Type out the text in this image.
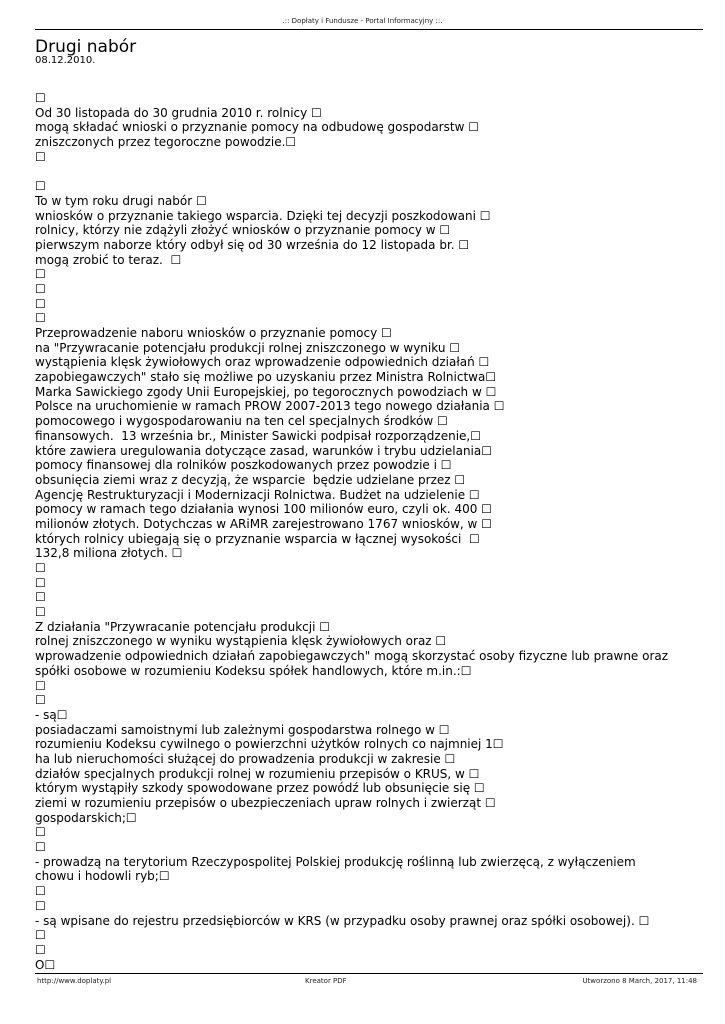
.:: Dopłaty i Fundusze - Portal Informacyjny ::.
Drugi nabór
08.12.2010.
☐
Od 30 listopada do 30 grudnia 2010 r. rolnicy ☐
mogą składać wnioski o przyznanie pomocy na odbudowę gospodarstw ☐
zniszczonych przez tegoroczne powodzie.☐
☐
☐
To w tym roku drugi nabór ☐
wniosków o przyznanie takiego wsparcia. Dzięki tej decyzji poszkodowani ☐
rolnicy, którzy nie zdążyli złożyć wniosków o przyznanie pomocy w ☐
pierwszym naborze który odbył się od 30 września do 12 listopada br. ☐
mogą zrobić to teraz.  ☐
☐
☐
☐
☐
Przeprowadzenie naboru wniosków o przyznanie pomocy ☐
na "Przywracanie potencjału produkcji rolnej zniszczonego w wyniku ☐
wystąpienia klęsk żywiołowych oraz wprowadzenie odpowiednich działań ☐
zapobiegawczych" stało się możliwe po uzyskaniu przez Ministra Rolnictwa☐
Marka Sawickiego zgody Unii Europejskiej, po tegorocznych powodziach w ☐
Polsce na uruchomienie w ramach PROW 2007-2013 tego nowego działania ☐
pomocowego i wygospodarowaniu na ten cel specjalnych środków ☐
finansowych.  13 września br., Minister Sawicki podpisał rozporządzenie,☐
które zawiera uregulowania dotyczące zasad, warunków i trybu udzielania☐
pomocy finansowej dla rolników poszkodowanych przez powodzie i ☐
obsunięcia ziemi wraz z decyzją, że wsparcie  będzie udzielane przez ☐
Agencję Restrukturyzacji i Modernizacji Rolnictwa. Budżet na udzielenie ☐
pomocy w ramach tego działania wynosi 100 milionów euro, czyli ok. 400 ☐
milionów złotych. Dotychczas w ARiMR zarejestrowano 1767 wniosków, w ☐
których rolnicy ubiegają się o przyznanie wsparcia w łącznej wysokości  ☐
132,8 miliona złotych. ☐
☐
☐
☐
☐
Z działania "Przywracanie potencjału produkcji ☐
rolnej zniszczonego w wyniku wystąpienia klęsk żywiołowych oraz ☐
wprowadzenie odpowiednich działań zapobiegawczych" mogą skorzystać osoby fizyczne lub prawne oraz
spółki osobowe w rozumieniu Kodeksu spółek handlowych, które m.in.:☐
☐
☐
- są☐
posiadaczami samoistnymi lub zależnymi gospodarstwa rolnego w ☐
rozumieniu Kodeksu cywilnego o powierzchni użytków rolnych co najmniej 1☐
ha lub nieruchomości służącej do prowadzenia produkcji w zakresie ☐
działów specjalnych produkcji rolnej w rozumieniu przepisów o KRUS, w ☐
którym wystąpiły szkody spowodowane przez powódź lub obsunięcie się ☐
ziemi w rozumieniu przepisów o ubezpieczeniach upraw rolnych i zwierząt ☐
gospodarskich;☐
☐
☐
- prowadzą na terytorium Rzeczypospolitej Polskiej produkcję roślinną lub zwierzęcą, z wyłączeniem
chowu i hodowli ryb;☐
☐
☐
- są wpisane do rejestru przedsiębiorców w KRS (w przypadku osoby prawnej oraz spółki osobowej). ☐
☐
☐
O☐
http://www.doplaty.pl	Kreator PDF	Utworzono 8 March, 2017, 11:48
